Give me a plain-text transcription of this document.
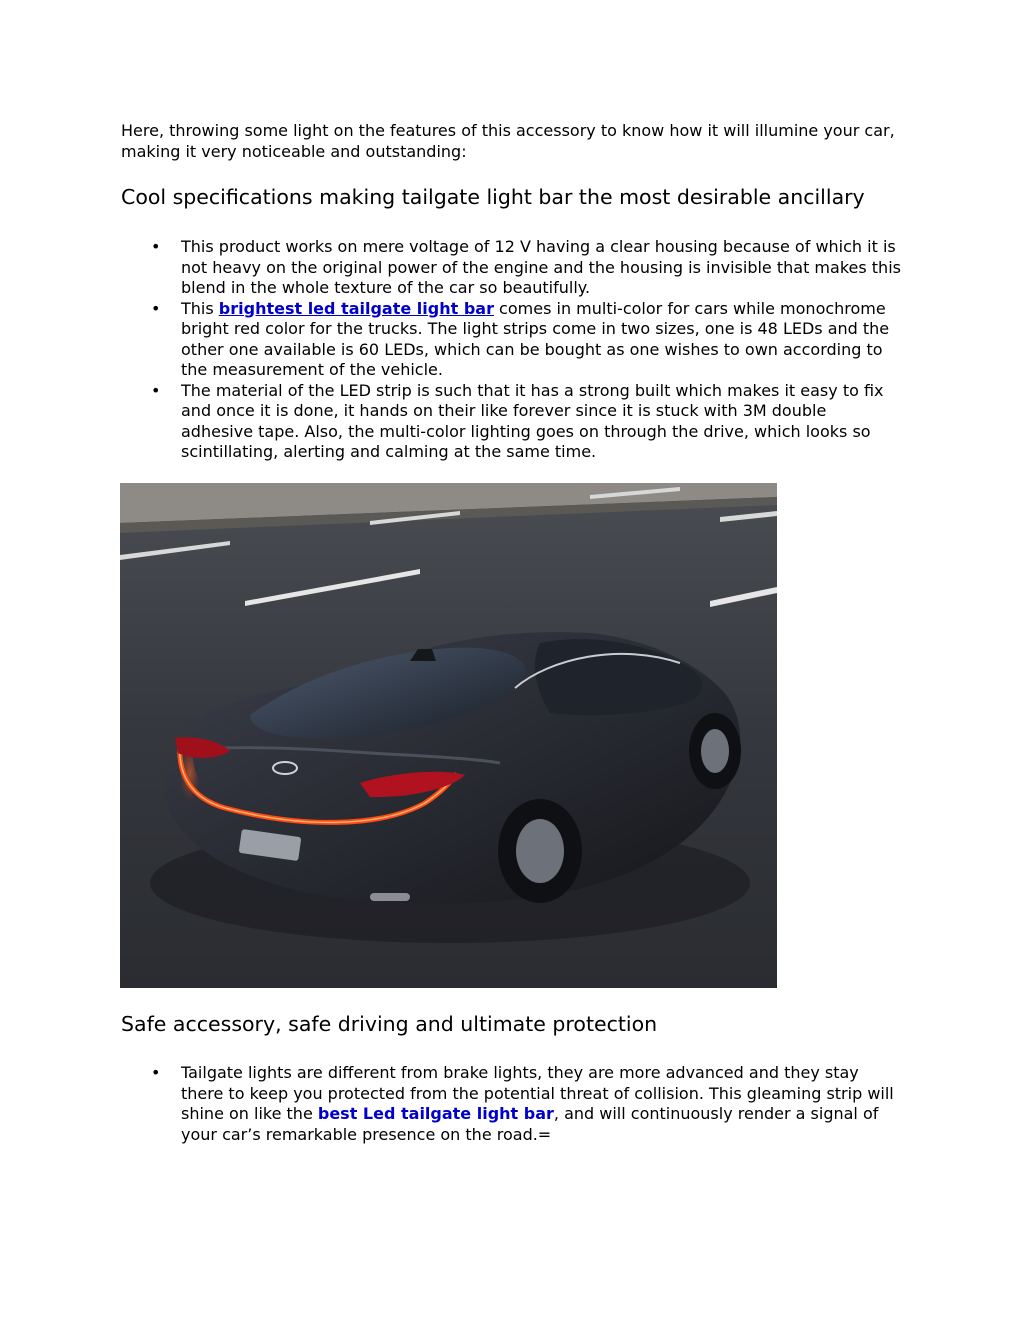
Here, throwing some light on the features of this accessory to know how it will illumine your car, making it very noticeable and outstanding:

Cool specifications making tailgate light bar the most desirable ancillary
• This product works on mere voltage of 12 V having a clear housing because of which it is not heavy on the original power of the engine and the housing is invisible that makes this blend in the whole texture of the car so beautifully.
• This brightest led tailgate light bar comes in multi-color for cars while monochrome bright red color for the trucks. The light strips come in two sizes, one is 48 LEDs and the other one available is 60 LEDs, which can be bought as one wishes to own according to the measurement of the vehicle.
• The material of the LED strip is such that it has a strong built which makes it easy to fix and once it is done, it hands on their like forever since it is stuck with 3M double adhesive tape. Also, the multi-color lighting goes on through the drive, which looks so scintillating, alerting and calming at the same time.
Safe accessory, safe driving and ultimate protection
• Tailgate lights are different from brake lights, they are more advanced and they stay there to keep you protected from the potential threat of collision. This gleaming strip will shine on like the best Led tailgate light bar, and will continuously render a signal of your car’s remarkable presence on the road.=
